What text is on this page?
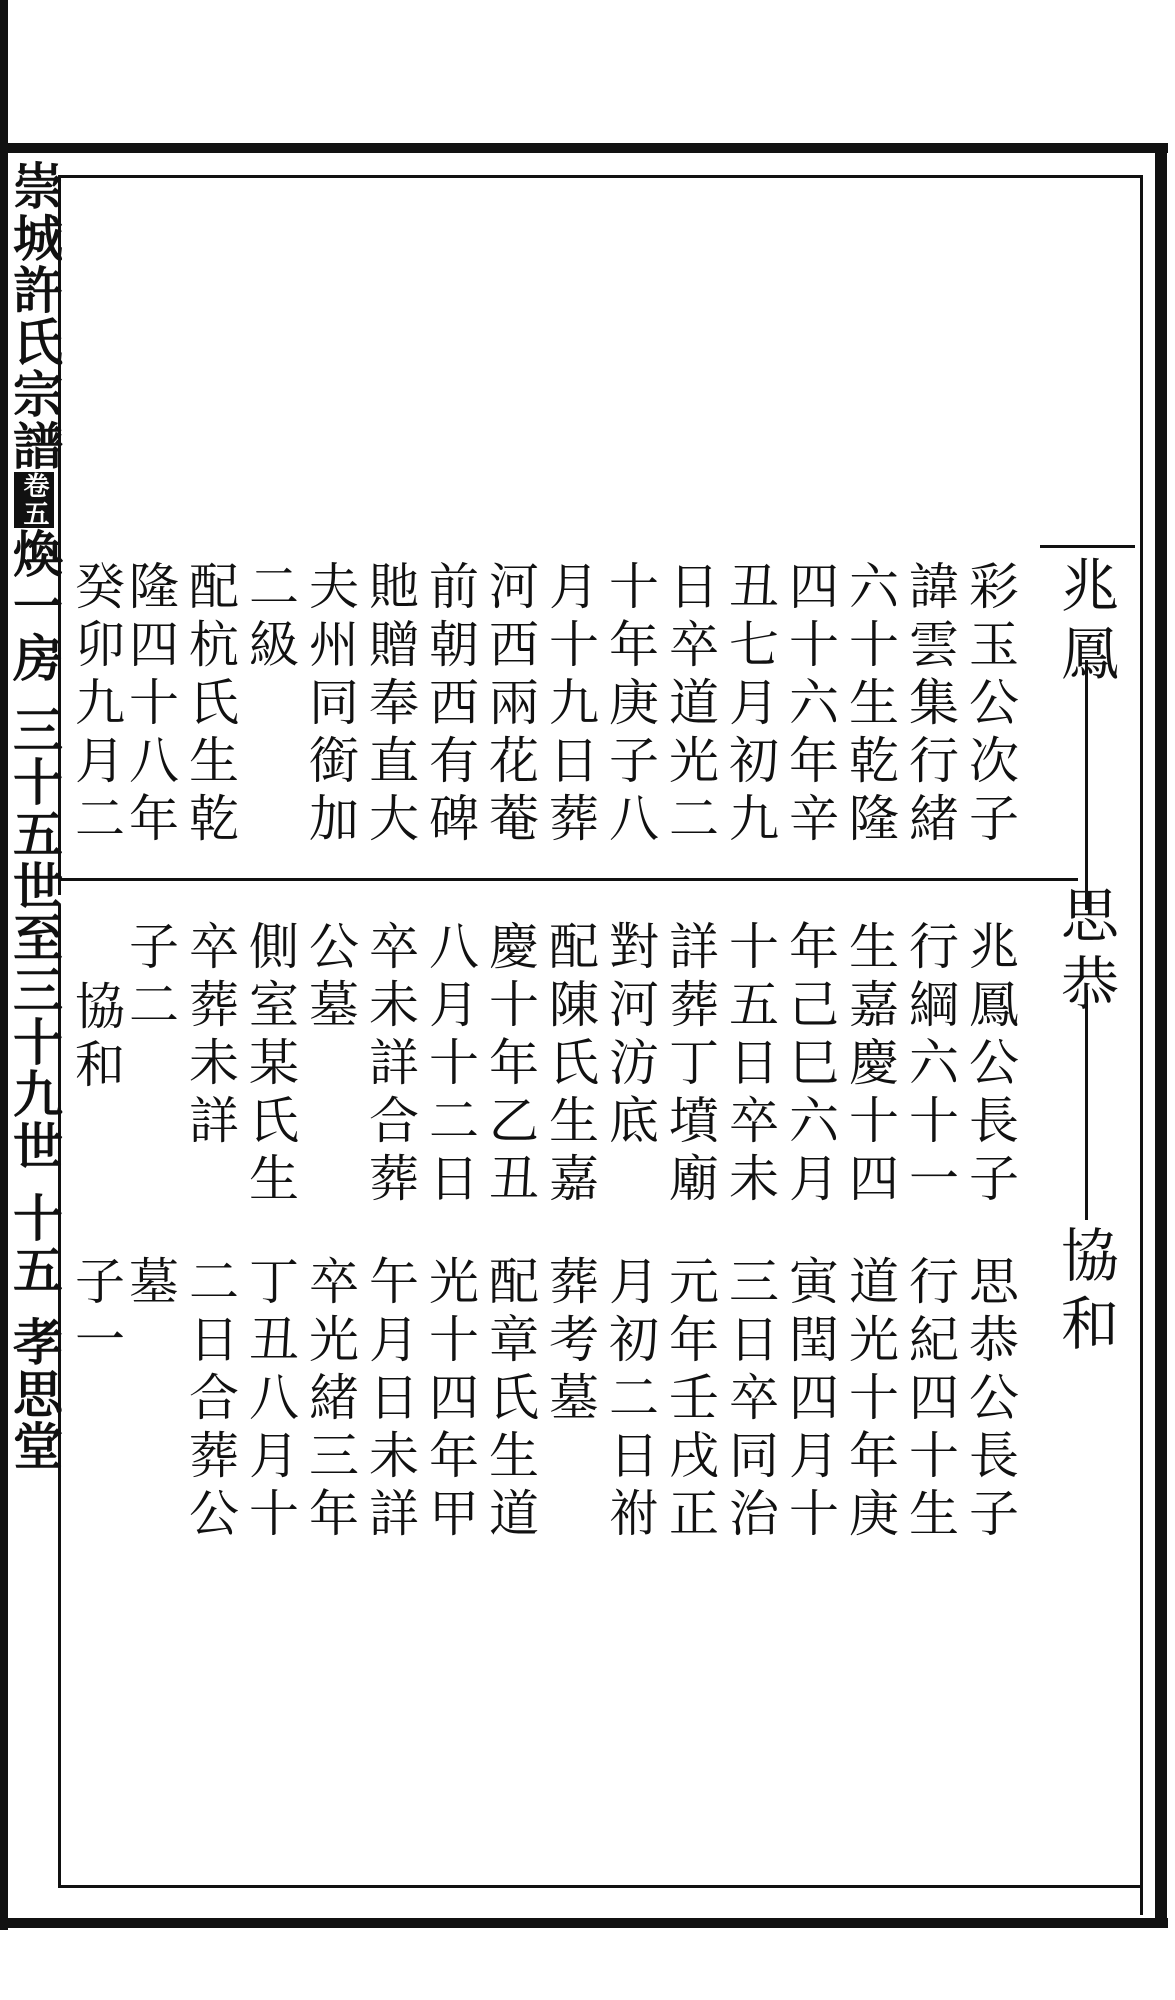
崇城許氏宗譜卷五煥一房三十五世至三十九世十五孝思堂
兆鳳
思恭
協和
彩玉公次子
諱雲集行緒
六十生乾隆
四十六年辛
丑七月初九
日卒道光二
十年庚子八
月十九日葬
河西兩花菴
前朝西有碑
貤贈奉直大
夫州同銜加
二級
配杭氏生乾
隆四十八年
癸卯九月二
兆鳳公長子
行綱六十一
生嘉慶十四
年己巳六月
十五日卒未
詳葬丁墳廟
對河汸底
配陳氏生嘉
慶十年乙丑
八月十二日
卒未詳合葬
公墓
側室某氏生
卒葬未詳
子二
協和
思恭公長子
行紀四十生
道光十年庚
寅閏四月十
三日卒同治
元年壬戌正
月初二日祔
葬考墓
配章氏生道
光十四年甲
午月日未詳
卒光緒三年
丁丑八月十
二日合葬公
墓
子一
